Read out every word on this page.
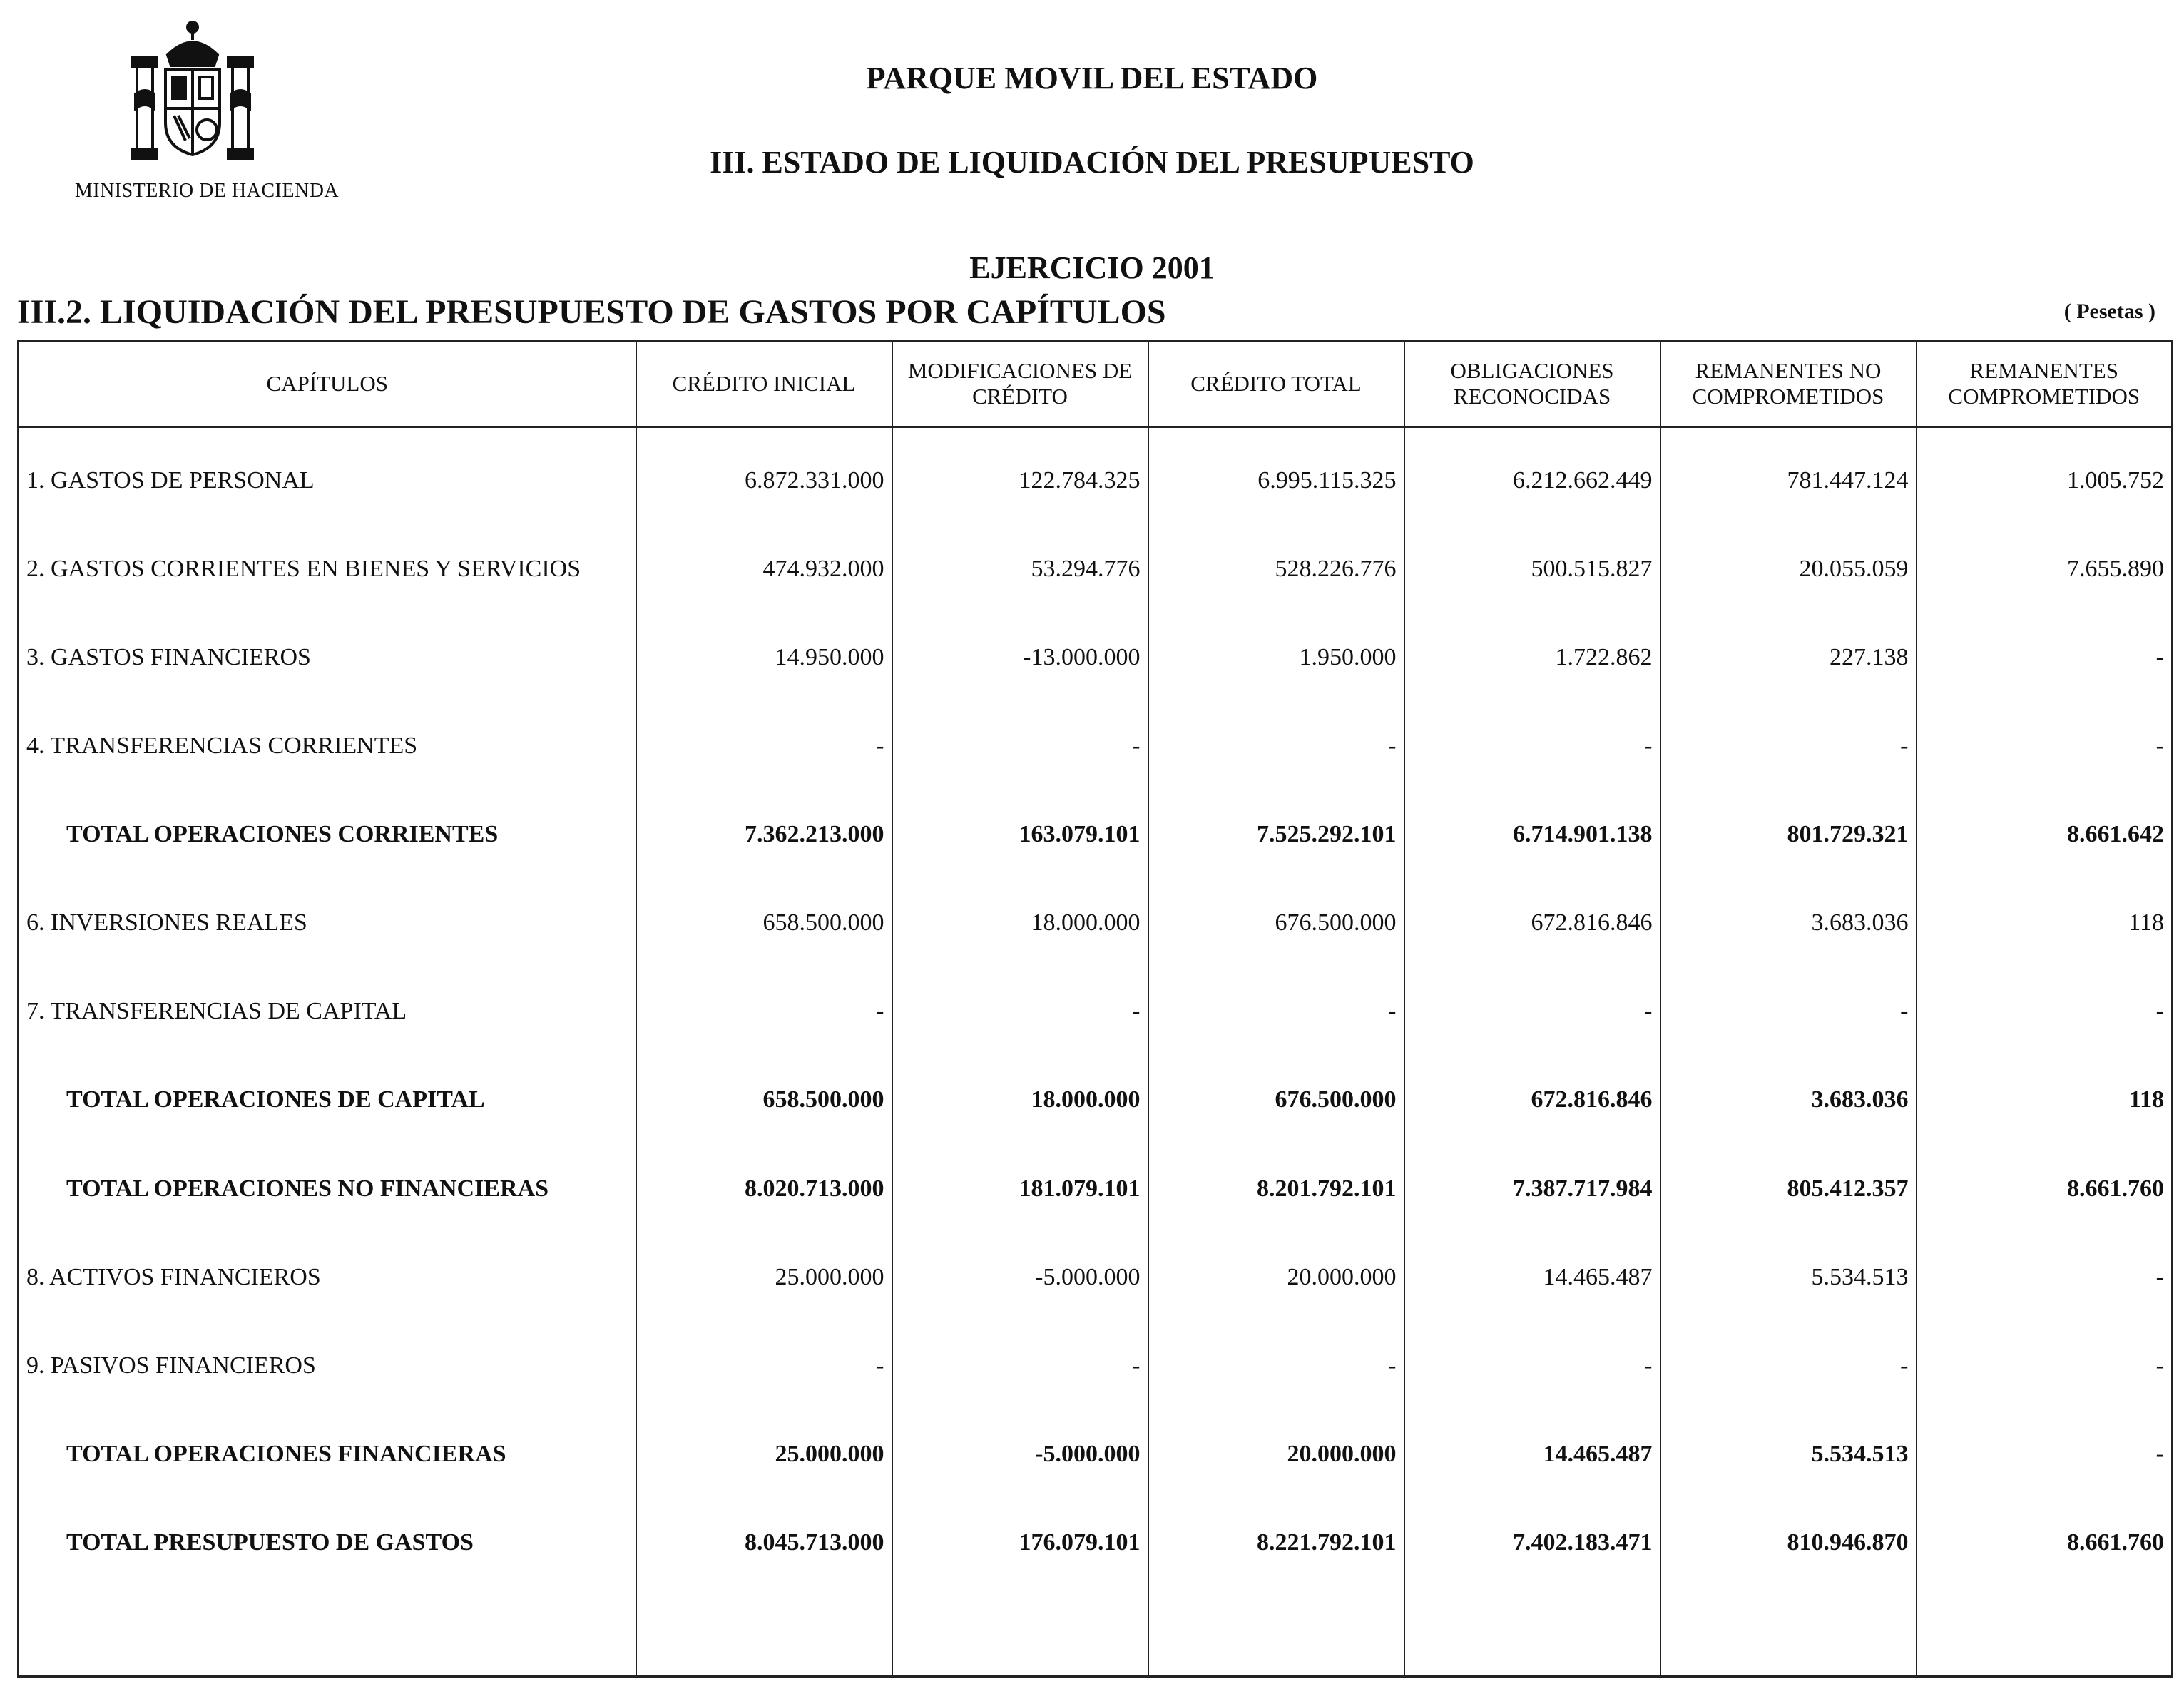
MINISTERIO DE HACIENDA
PARQUE MOVIL DEL ESTADO
III. ESTADO DE LIQUIDACIÓN DEL PRESUPUESTO
EJERCICIO 2001
III.2. LIQUIDACIÓN DEL PRESUPUESTO DE GASTOS POR CAPÍTULOS	( Pesetas )
CAPÍTULOS	CRÉDITO INICIAL	MODIFICACIONES DE CRÉDITO	CRÉDITO TOTAL	OBLIGACIONES RECONOCIDAS	REMANENTES NO COMPROMETIDOS	REMANENTES COMPROMETIDOS
1. GASTOS DE PERSONAL	6.872.331.000	122.784.325	6.995.115.325	6.212.662.449	781.447.124	1.005.752
2. GASTOS CORRIENTES EN BIENES Y SERVICIOS	474.932.000	53.294.776	528.226.776	500.515.827	20.055.059	7.655.890
3. GASTOS FINANCIEROS	14.950.000	-13.000.000	1.950.000	1.722.862	227.138	-
4. TRANSFERENCIAS CORRIENTES	-	-	-	-	-	-
TOTAL OPERACIONES CORRIENTES	7.362.213.000	163.079.101	7.525.292.101	6.714.901.138	801.729.321	8.661.642
6. INVERSIONES REALES	658.500.000	18.000.000	676.500.000	672.816.846	3.683.036	118
7. TRANSFERENCIAS DE CAPITAL	-	-	-	-	-	-
TOTAL OPERACIONES DE CAPITAL	658.500.000	18.000.000	676.500.000	672.816.846	3.683.036	118
TOTAL OPERACIONES NO FINANCIERAS	8.020.713.000	181.079.101	8.201.792.101	7.387.717.984	805.412.357	8.661.760
8. ACTIVOS FINANCIEROS	25.000.000	-5.000.000	20.000.000	14.465.487	5.534.513	-
9. PASIVOS FINANCIEROS	-	-	-	-	-	-
TOTAL OPERACIONES FINANCIERAS	25.000.000	-5.000.000	20.000.000	14.465.487	5.534.513	-
TOTAL PRESUPUESTO DE GASTOS	8.045.713.000	176.079.101	8.221.792.101	7.402.183.471	810.946.870	8.661.760
